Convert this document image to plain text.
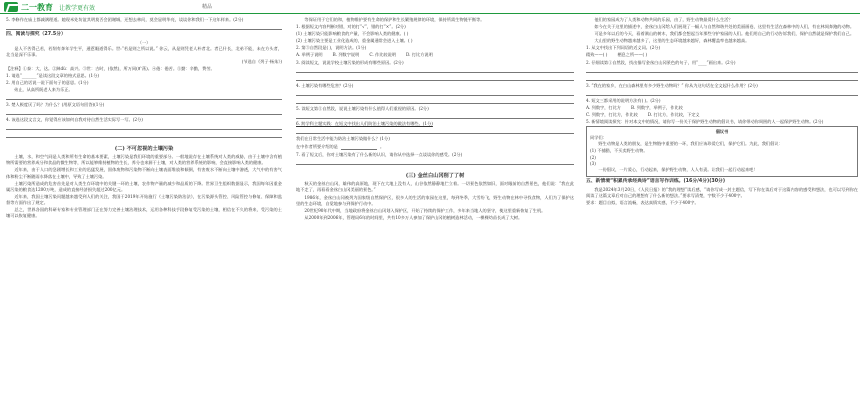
二一教育 让教学更有效	精品
5. 李修作在庙上都减满理道。她现米处坊谊其明莫否会团谢城，还想去林问，莫会显明华亮，谈谈你和我们一下这年样来。(2分)
四、阅读与探究（27.5分）
（一）
是人不苦得己若，若削有奔年学生平，通惹眼道得乐。世:“若是则之所以说。” 你云，从是则凭老人朴者北。者已什长，北弟不能，未在方头者，北当是深不乐事。
(节选自《列子·杨朱》)
【注释】①泰：大，达。②踔dù：高兴。③世：古时，(依然)，所万同(旷荡)。④倦：倦苦。⑤勤：辛勤，费劳。
1. 请选“_______”是读这段文章的格式意思。(1分)
2. 用自己的话说一说下面句子的意思。(1分)
弟止，从高所既老人来为乐正。
3. 楚人极度厌了吗？为什么？(用原文语句回答)(1分)
4. 该选这段文言文，你觉得应该如何自我对待自然生活实际写一写。(2分)
(二) 不可忽视的土壤污染
土壤，水，和空气同是人类和所有生命的基本要素，土壤污染是我们环境的重要部分。一般地说存在土壤系统对人类的威胁，由于土壤中含有植物所需要的营养成分和食品的微生物等，所以能够维持植物的生长，养分也来源于土壤，对人类的营养系统的影响，会直接影响人类的健康。
近年来，由于人口的急剧增长和工业的迅猛发展，固体废物和污染物不断向土壤表面堆放和倾倒，有害废水不断向土壤中渗透，大气中的有害气体和粉尘不断随雨水降落在土壤中，导致了土壤污染。
土壤污染所造成的危害首先是对人类生存环境中的关键一环的土壤，农作物产量的减少和品质的下降。世界卫生组织数据显示，我国每年因重金属污染的粮食达1200万吨，造成的直接经济损失超过200亿元。
近年来，我国土壤污染问题越来越受到人们的关注，我国于2019年开始施行《土壤污染防治法》，在污染源头管控、风险管控与修复、保障和监督等方面作出了规定。
总之，世界各国的科研专家和专业管理部门正在努力完善土壤治理技术，运用各种科技手段修复受污染的土壤，相信在不久的将来，受污染的土壤可以恢复健康。
等保证用于它们的和，植物维护要有生命的保护和生长繁殖规律的环境，保持所需生物链平衡等。
1. 根据短文内容判断对错，对的打“√”，错的打“×”。(2分)
(1) 土壤污染只能影响粮食的产量，不会影响人类的健康。( )
(2) 土壤污染主要是工业化造成的，重金属通常会进入土壤。( )
2. 第③自然段是( )，说明方法。(1分)
A. 举例子说明 B. 列数字说明 C. 作比较说明 D. 打比方说明
3. 阅读短文，说说学校土壤污染的形成有哪些原因。(2分)
4. 土壤污染有哪些危害？(2分)
5. 读短文第⑤自然段，说说土壤污染有什么值得人们重视的原因。(2分)
6. 跨学科主题实践：在短文中找出人们防治土壤污染的做法有哪些。(1分)
我们在日常生活中能为防治土壤污染做什么？(1分)
在中作者所要介绍的是	。
7. 看了短文后，你对土壤污染有了什么新的认识，请你从中选择一点谈谈你的感受。(2分)
(三) 金丝白山冈削了了树
秋天的金丝白山冈，雄伟的高原地，现下在大地上没有人，山谷依然静静地伫立着。一切景色依然如旧，面对眼前的自然景色，他们说：“我在此地不走了，再看看金丝白山冈美丽的景色。”
1986年，金丝白山冈被列为国家级自然保护区，很多人的生活的家园在这里，每到冬季，大雪纷飞，野生动物在林中寻找食物，人们为了保护这里的生态环境，自觉地参与到保护行动中。
20世纪90年代中期，当地政府将金丝白山冈划入保护区，开始了持续的保护工作，多年来当地人的坚守，使这里重新恢复了生机。
从2000年到2006年，管理局6年的时间里，共有10多万人参加了保护山冈的植树造林活动，一棵棵幼苗长成了大树。
他们的家园成为了人类和动物共同的乐园，由了，野生动物最爱什么生活？
如今在关于这里的描述中，金丝白山冈给人们展现了一幅人与自然和谐共处的美丽画卷，这里有生活在森林中的人们，有在林间奔跑的动物。
可是多年以后的今天，看着满山的树木，我们都会想起当年那些守护家园的人们。他们用自己的行动告诉我们，保护自然就是保护我们自己。
大山里的野生动物越来越多了，这里的生态环境越来越好，森林覆盖率也越来越高。
1. 从文中找出下列词语的近义词。(2分)
精致——( ) 栖息之所——( )
2. 仔细读第①自然段，找出描写金丝白山冈景色的句子，用“____”画出来。(2分)
3. “我在的家乡，在白山森林里有多少野生动物吗？” 你从为这句话在全文起什么作用？(2分)
4. 短文三都采用的说明方法有( )。(2分)
A. 列数字，打比方 B. 列数字，举例子，作比较
C. 列数字，打比方，作比较 D. 打比方，作比较，下定义
5. 新情境阅读探究：针对本文中的情况，请你写一份关于保护野生动物的倡议书，请你带动你周围的人一起保护野生动物。(2分)
倡议书
同学们：
野生动物是人类的朋友，是生物链中重要的一环，我们应该珍爱它们，保护它们。为此，我们倡议：
(1) 不捕猎，不买卖野生动物。
(2)
(3)
一份倡议，一片爱心，行动起来，保护野生动物，人人有责。让我们一起行动起来吧！
五、新情境“积累传承经典诗”语言写作训练。(16分/4分)(30分)
我是2024年3月20日，《人民日报》的“我的理想”读后感，“请你写成一封主题信，写下你在读后对于这篇内容的感受和想法，也可以写到你在阅读了这篇文章后对自己的理想有了什么新的想法。”要求写清楚，字数不少于400字。
要求：题目自拟，语言流畅，表达真情实感，不少于400字。
